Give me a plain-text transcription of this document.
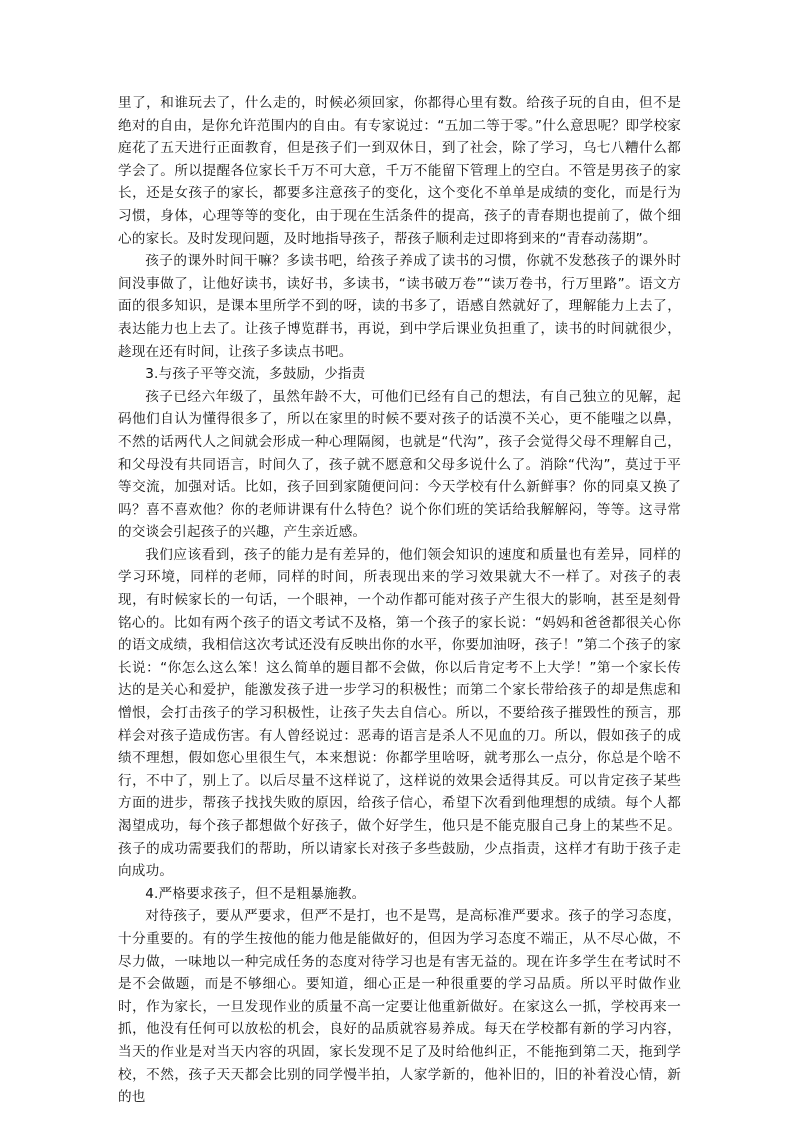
里了，和谁玩去了，什么走的，时候必须回家，你都得心里有数。给孩子玩的自由，但不是绝对的自由，是你允许范围内的自由。有专家说过：“五加二等于零。”什么意思呢？即学校家庭花了五天进行正面教育，但是孩子们一到双休日，到了社会，除了学习，乌七八糟什么都学会了。所以提醒各位家长千万不可大意，千万不能留下管理上的空白。不管是男孩子的家长，还是女孩子的家长，都要多注意孩子的变化，这个变化不单单是成绩的变化，而是行为习惯，身体，心理等等的变化，由于现在生活条件的提高，孩子的青春期也提前了，做个细心的家长。及时发现问题，及时地指导孩子，帮孩子顺利走过即将到来的“青春动荡期”。

孩子的课外时间干嘛？多读书吧，给孩子养成了读书的习惯，你就不发愁孩子的课外时间没事做了，让他好读书，读好书，多读书，“读书破万卷”“读万卷书，行万里路”。语文方面的很多知识，是课本里所学不到的呀，读的书多了，语感自然就好了，理解能力上去了，表达能力也上去了。让孩子博览群书，再说，到中学后课业负担重了，读书的时间就很少，趁现在还有时间，让孩子多读点书吧。

3.与孩子平等交流，多鼓励，少指责

孩子已经六年级了，虽然年龄不大，可他们已经有自己的想法，有自己独立的见解，起码他们自认为懂得很多了，所以在家里的时候不要对孩子的话漠不关心，更不能嗤之以鼻，不然的话两代人之间就会形成一种心理隔阂，也就是“代沟”，孩子会觉得父母不理解自己，和父母没有共同语言，时间久了，孩子就不愿意和父母多说什么了。消除“代沟”，莫过于平等交流，加强对话。比如，孩子回到家随便问问：今天学校有什么新鲜事？你的同桌又换了吗？喜不喜欢他？你的老师讲课有什么特色？说个你们班的笑话给我解解闷，等等。这寻常的交谈会引起孩子的兴趣，产生亲近感。

我们应该看到，孩子的能力是有差异的，他们领会知识的速度和质量也有差异，同样的学习环境，同样的老师，同样的时间，所表现出来的学习效果就大不一样了。对孩子的表现，有时候家长的一句话，一个眼神，一个动作都可能对孩子产生很大的影响，甚至是刻骨铭心的。比如有两个孩子的语文考试不及格，第一个孩子的家长说：“妈妈和爸爸都很关心你的语文成绩，我相信这次考试还没有反映出你的水平，你要加油呀，孩子！”第二个孩子的家长说：“你怎么这么笨！这么简单的题目都不会做，你以后肯定考不上大学！”第一个家长传达的是关心和爱护，能激发孩子进一步学习的积极性；而第二个家长带给孩子的却是焦虑和憎恨，会打击孩子的学习积极性，让孩子失去自信心。所以，不要给孩子摧毁性的预言，那样会对孩子造成伤害。有人曾经说过：恶毒的语言是杀人不见血的刀。所以，假如孩子的成绩不理想，假如您心里很生气，本来想说：你都学里啥呀，就考那么一点分，你总是个啥不行，不中了，别上了。以后尽量不这样说了，这样说的效果会适得其反。可以肯定孩子某些方面的进步，帮孩子找找失败的原因，给孩子信心，希望下次看到他理想的成绩。每个人都渴望成功，每个孩子都想做个好孩子，做个好学生，他只是不能克服自己身上的某些不足。孩子的成功需要我们的帮助，所以请家长对孩子多些鼓励，少点指责，这样才有助于孩子走向成功。

4.严格要求孩子，但不是粗暴施教。

对待孩子，要从严要求，但严不是打，也不是骂，是高标准严要求。孩子的学习态度，十分重要的。有的学生按他的能力他是能做好的，但因为学习态度不端正，从不尽心做，不尽力做，一味地以一种完成任务的态度对待学习也是有害无益的。现在许多学生在考试时不是不会做题，而是不够细心。要知道，细心正是一种很重要的学习品质。所以平时做作业时，作为家长，一旦发现作业的质量不高一定要让他重新做好。在家这么一抓，学校再来一抓，他没有任何可以放松的机会，良好的品质就容易养成。每天在学校都有新的学习内容，当天的作业是对当天内容的巩固，家长发现不足了及时给他纠正，不能拖到第二天，拖到学校，不然，孩子天天都会比别的同学慢半拍，人家学新的，他补旧的，旧的补着没心情，新的也
